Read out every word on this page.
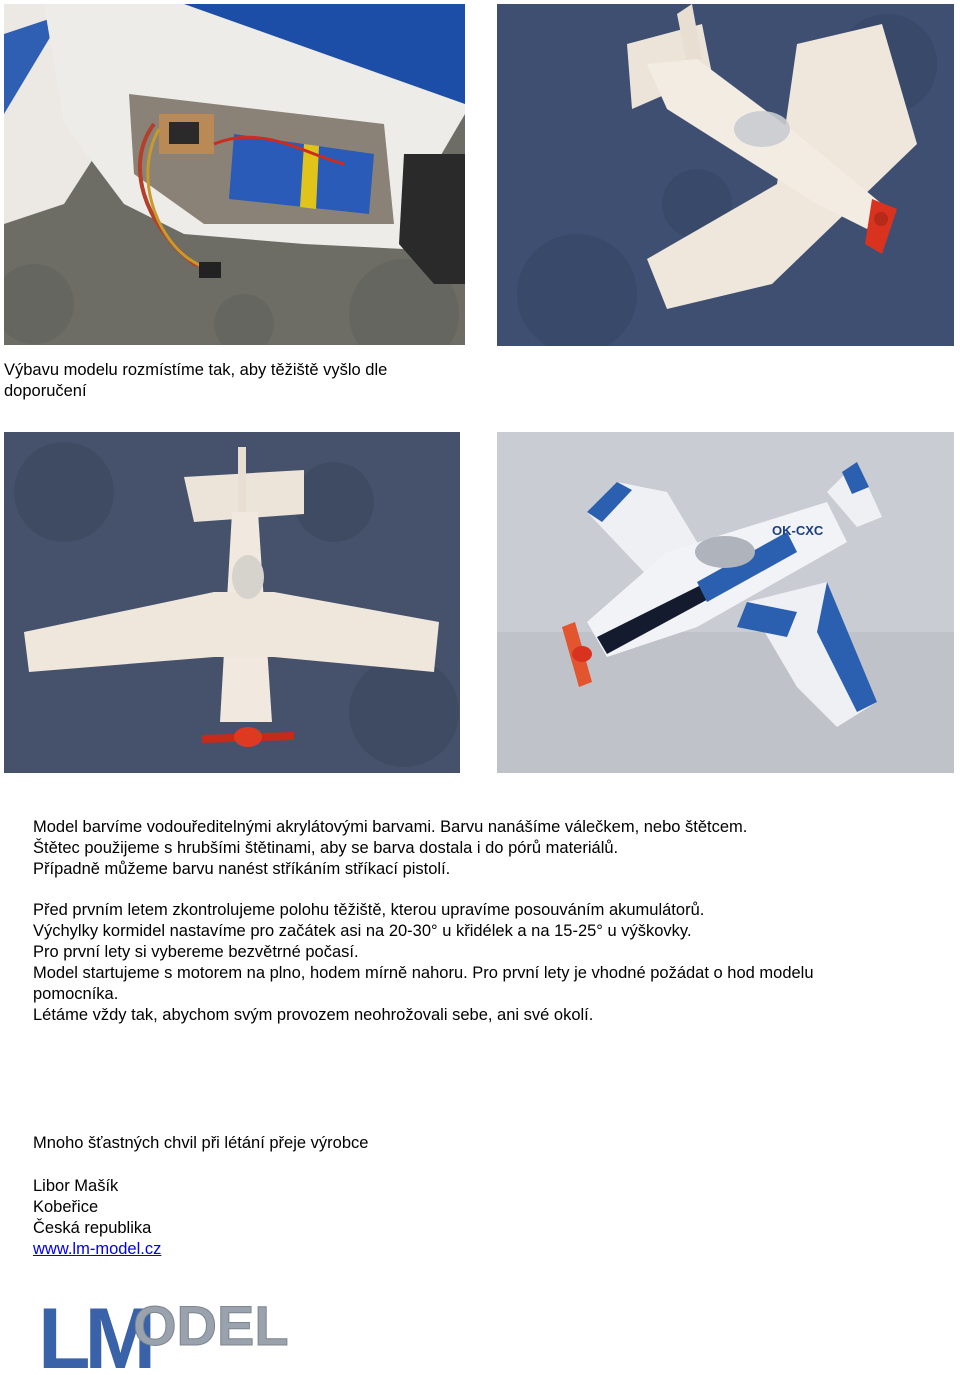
Výbavu modelu rozmístíme tak, aby těžiště vyšlo dle
doporučení
OK-CXC
Model barvíme vodouředitelnými akrylátovými barvami. Barvu nanášíme válečkem, nebo štětcem.
Štětec použijeme s hrubšími štětinami, aby se barva dostala i do pórů materiálů.
Případně můžeme barvu nanést stříkáním stříkací pistolí.
Před prvním letem zkontrolujeme polohu těžiště, kterou upravíme posouváním akumulátorů.
Výchylky kormidel nastavíme pro začátek asi na 20-30° u křidélek a na 15-25° u výškovky.
Pro první lety si vybereme bezvětrné počasí.
Model startujeme s motorem na plno, hodem mírně nahoru. Pro první lety je vhodné požádat o hod modelu
pomocníka.
Létáme vždy tak, abychom svým provozem neohrožovali sebe, ani své okolí.
Mnoho šťastných chvil při létání přeje výrobce
Libor Mašík
Kobeřice
Česká republika
www.lm-model.cz
LM
ODEL
